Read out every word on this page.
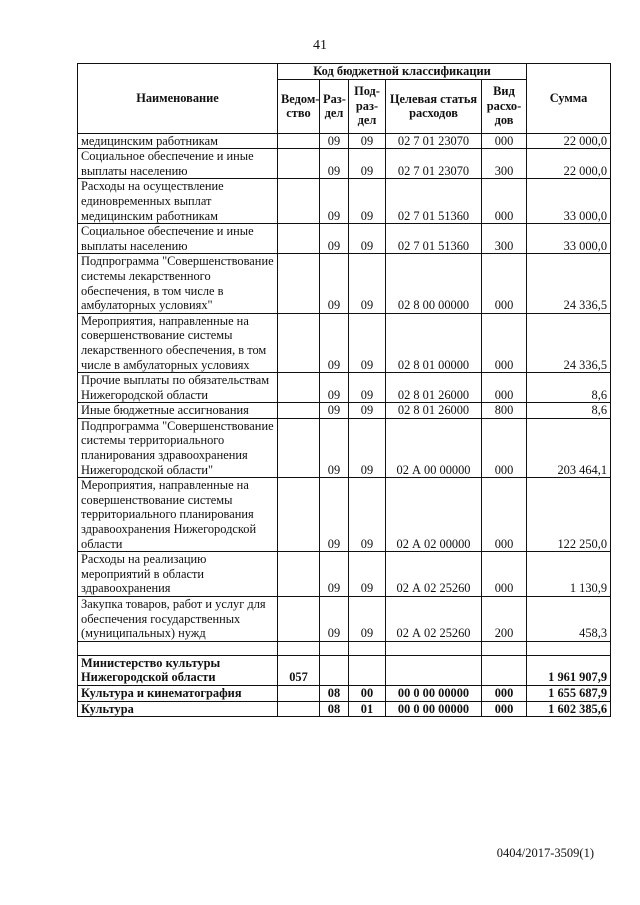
41
Наименование	Код бюджетной классификации					Сумма
	Ведом-ство	Раз-дел	Под-раз-дел	Целевая статья расходов	Вид расхо-дов	
медицинским работникам		09	09	02 7 01 23070	000	22 000,0
Социальное обеспечение и иные выплаты населению		09	09	02 7 01 23070	300	22 000,0
Расходы на осуществление единовременных выплат медицинским работникам		09	09	02 7 01 51360	000	33 000,0
Социальное обеспечение и иные выплаты населению		09	09	02 7 01 51360	300	33 000,0
Подпрограмма "Совершенствование системы лекарственного обеспечения, в том числе в амбулаторных условиях"		09	09	02 8 00 00000	000	24 336,5
Мероприятия, направленные на совершенствование системы лекарственного обеспечения, в том числе в амбулаторных условиях		09	09	02 8 01 00000	000	24 336,5
Прочие выплаты по обязательствам Нижегородской области		09	09	02 8 01 26000	000	8,6
Иные бюджетные ассигнования		09	09	02 8 01 26000	800	8,6
Подпрограмма "Совершенствование системы территориального планирования здравоохранения Нижегородской области"		09	09	02 А 00 00000	000	203 464,1
Мероприятия, направленные на совершенствование системы территориального планирования здравоохранения Нижегородской области		09	09	02 А 02 00000	000	122 250,0
Расходы на реализацию мероприятий в области здравоохранения		09	09	02 А 02 25260	000	1 130,9
Закупка товаров, работ и услуг для обеспечения государственных (муниципальных) нужд		09	09	02 А 02 25260	200	458,3

Министерство культуры Нижегородской области	057					1 961 907,9
Культура и кинематография		08	00	00 0 00 00000	000	1 655 687,9
Культура		08	01	00 0 00 00000	000	1 602 385,6
0404/2017-3509(1)
